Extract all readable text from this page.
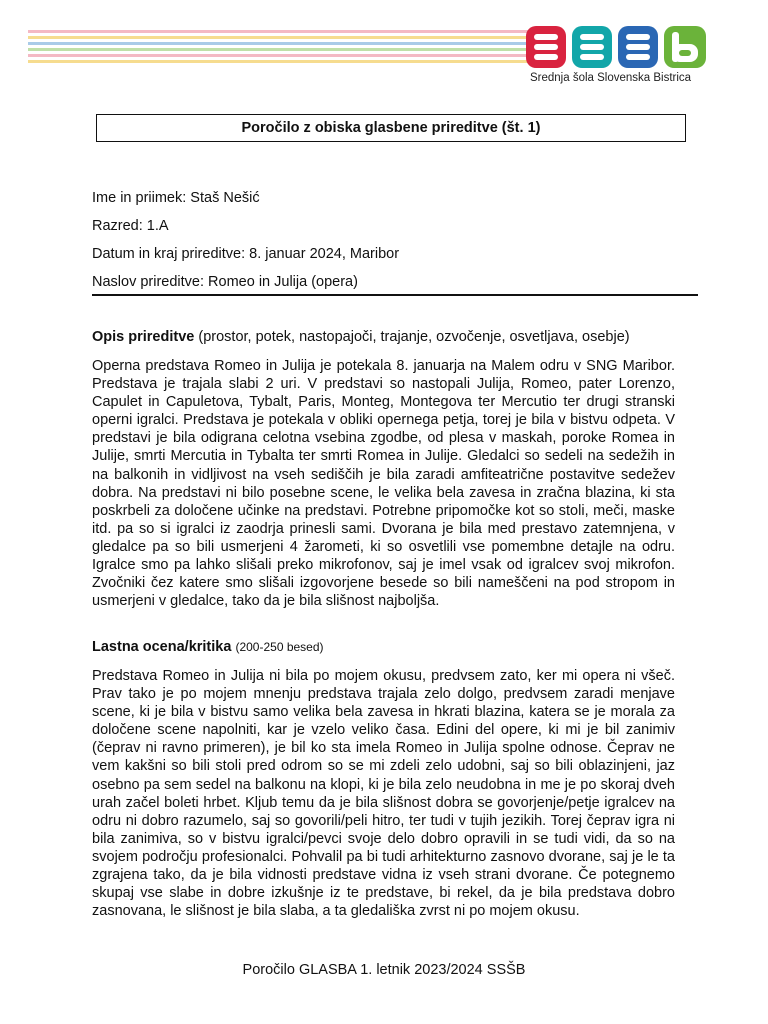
Srednja šola Slovenska Bistrica
Poročilo z obiska glasbene prireditve (št. 1)
Ime in priimek: Staš Nešić
Razred: 1.A
Datum in kraj prireditve: 8. januar 2024, Maribor
Naslov prireditve: Romeo in Julija (opera)
Opis prireditve (prostor, potek, nastopajoči, trajanje, ozvočenje, osvetljava, osebje)

Operna predstava Romeo in Julija je potekala 8. januarja na Malem odru v SNG Maribor. Predstava je trajala slabi 2 uri. V predstavi so nastopali Julija, Romeo, pater Lorenzo, Capulet in Capuletova, Tybalt, Paris, Monteg, Montegova ter Mercutio ter drugi stranski operni igralci. Predstava je potekala v obliki opernega petja, torej je bila v bistvu odpeta. V predstavi je bila odigrana celotna vsebina zgodbe, od plesa v maskah, poroke Romea in Julije, smrti Mercutia in Tybalta ter smrti Romea in Julije. Gledalci so sedeli na sedežih in na balkonih in vidljivost na vseh sediščih je bila zaradi amfiteatrične postavitve sedežev dobra. Na predstavi ni bilo posebne scene, le velika bela zavesa in zračna blazina, ki sta poskrbeli za določene učinke na predstavi. Potrebne pripomočke kot so stoli, meči, maske itd. pa so si igralci iz zaodrja prinesli sami. Dvorana je bila med prestavo zatemnjena, v gledalce pa so bili usmerjeni 4 žarometi, ki so osvetlili vse pomembne detajle na odru. Igralce smo pa lahko slišali preko mikrofonov, saj je imel vsak od igralcev svoj mikrofon. Zvočniki čez katere smo slišali izgovorjene besede so bili nameščeni na pod stropom in usmerjeni v gledalce, tako da je bila slišnost najboljša.

Lastna ocena/kritika (200-250 besed)

Predstava Romeo in Julija ni bila po mojem okusu, predvsem zato, ker mi opera ni všeč. Prav tako je po mojem mnenju predstava trajala zelo dolgo, predvsem zaradi menjave scene, ki je bila v bistvu samo velika bela zavesa in hkrati blazina, katera se je morala za določene scene napolniti, kar je vzelo veliko časa. Edini del opere, ki mi je bil zanimiv (čeprav ni ravno primeren), je bil ko sta imela Romeo in Julija spolne odnose. Čeprav ne vem kakšni so bili stoli pred odrom so se mi zdeli zelo udobni, saj so bili oblazinjeni, jaz osebno pa sem sedel na balkonu na klopi, ki je bila zelo neudobna in me je po skoraj dveh urah začel boleti hrbet. Kljub temu da je bila slišnost dobra se govorjenje/petje igralcev na odru ni dobro razumelo, saj so govorili/peli hitro, ter tudi v tujih jezikih. Torej čeprav igra ni bila zanimiva, so v bistvu igralci/pevci svoje delo dobro opravili in se tudi vidi, da so na svojem področju profesionalci. Pohvalil pa bi tudi arhitekturno zasnovo dvorane, saj je le ta zgrajena tako, da je bila vidnosti predstave vidna iz vseh strani dvorane. Če potegnemo skupaj vse slabe in dobre izkušnje iz te predstave, bi rekel, da je bila predstava dobro zasnovana, le slišnost je bila slaba, a ta gledališka zvrst ni po mojem okusu.

Poročilo GLASBA 1. letnik 2023/2024 SSŠB
